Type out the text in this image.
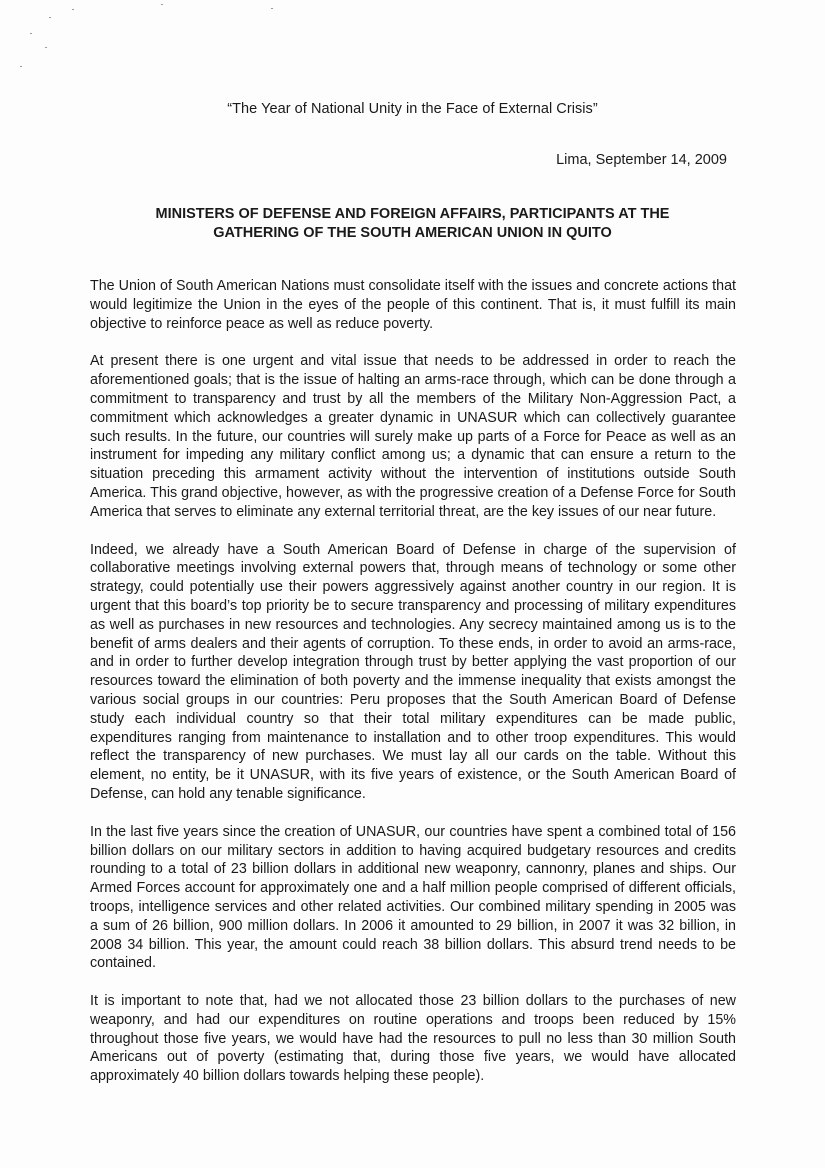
“The Year of National Unity in the Face of External Crisis”
Lima, September 14, 2009
MINISTERS OF DEFENSE AND FOREIGN AFFAIRS, PARTICIPANTS AT THE
GATHERING OF THE SOUTH AMERICAN UNION IN QUITO

The Union of South American Nations must consolidate itself with the issues and concrete actions that would legitimize the Union in the eyes of the people of this continent. That is, it must fulfill its main objective to reinforce peace as well as reduce poverty.

At present there is one urgent and vital issue that needs to be addressed in order to reach the aforementioned goals; that is the issue of halting an arms-race through, which can be done through a commitment to transparency and trust by all the members of the Military Non-Aggression Pact, a commitment which acknowledges a greater dynamic in UNASUR which can collectively guarantee such results. In the future, our countries will surely make up parts of a Force for Peace as well as an instrument for impeding any military conflict among us; a dynamic that can ensure a return to the situation preceding this armament activity without the intervention of institutions outside South America. This grand objective, however, as with the progressive creation of a Defense Force for South America that serves to eliminate any external territorial threat, are the key issues of our near future.

Indeed, we already have a South American Board of Defense in charge of the supervision of collaborative meetings involving external powers that, through means of technology or some other strategy, could potentially use their powers aggressively against another country in our region. It is urgent that this board’s top priority be to secure transparency and processing of military expenditures as well as purchases in new resources and technologies. Any secrecy maintained among us is to the benefit of arms dealers and their agents of corruption. To these ends, in order to avoid an arms-race, and in order to further develop integration through trust by better applying the vast proportion of our resources toward the elimination of both poverty and the immense inequality that exists amongst the various social groups in our countries: Peru proposes that the South American Board of Defense study each individual country so that their total military expenditures can be made public, expenditures ranging from maintenance to installation and to other troop expenditures. This would reflect the transparency of new purchases. We must lay all our cards on the table. Without this element, no entity, be it UNASUR, with its five years of existence, or the South American Board of Defense, can hold any tenable significance.

In the last five years since the creation of UNASUR, our countries have spent a combined total of 156 billion dollars on our military sectors in addition to having acquired budgetary resources and credits rounding to a total of 23 billion dollars in additional new weaponry, cannonry, planes and ships. Our Armed Forces account for approximately one and a half million people comprised of different officials, troops, intelligence services and other related activities. Our combined military spending in 2005 was a sum of 26 billion, 900 million dollars. In 2006 it amounted to 29 billion, in 2007 it was 32 billion, in 2008 34 billion. This year, the amount could reach 38 billion dollars. This absurd trend needs to be contained.

It is important to note that, had we not allocated those 23 billion dollars to the purchases of new weaponry, and had our expenditures on routine operations and troops been reduced by 15% throughout those five years, we would have had the resources to pull no less than 30 million South Americans out of poverty (estimating that, during those five years, we would have allocated approximately 40 billion dollars towards helping these people).
